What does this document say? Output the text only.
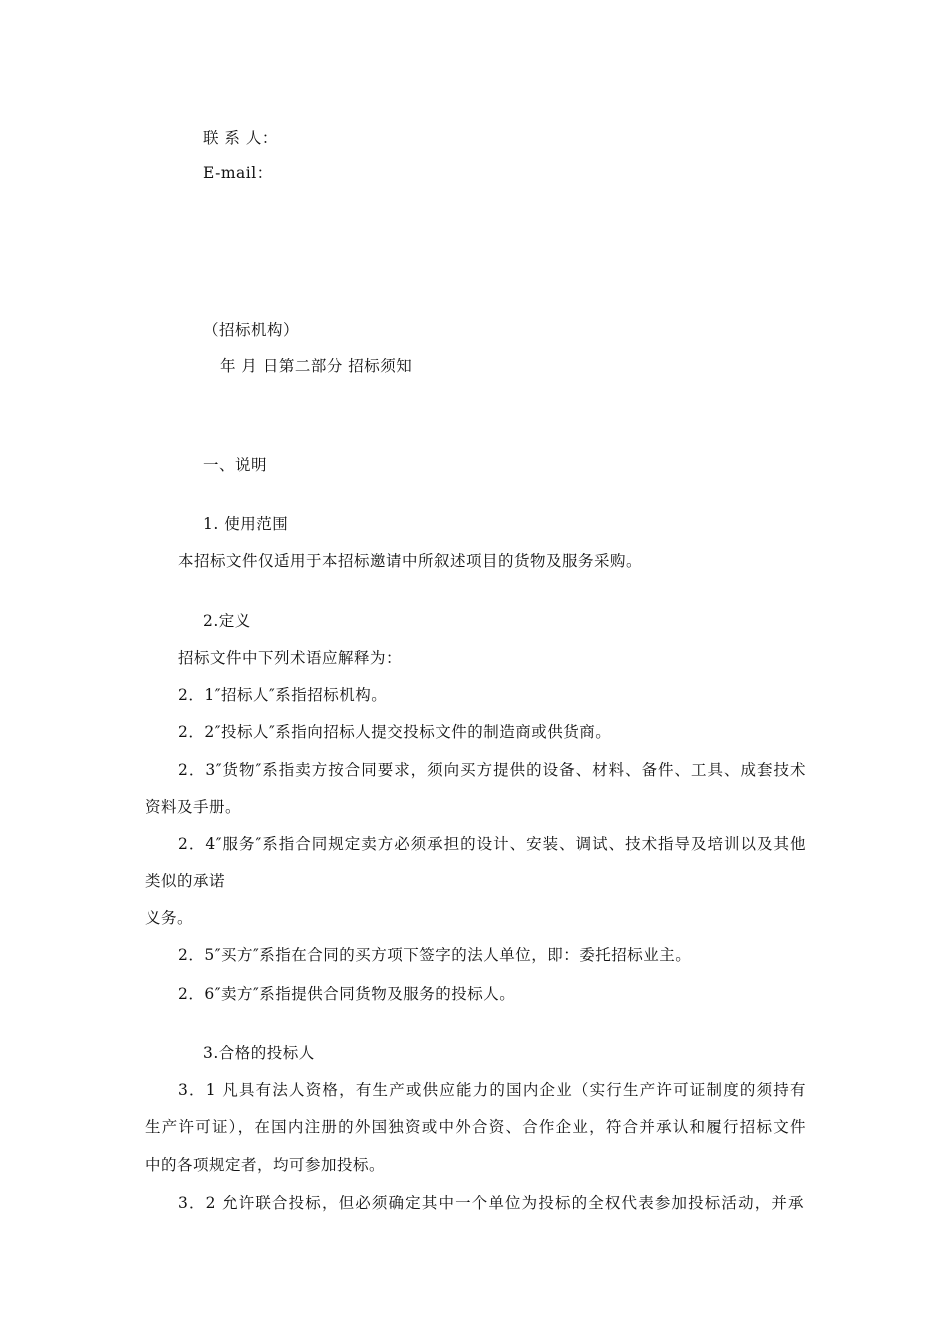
联 系 人：
E-mail：
（招标机构）
年 月 日第二部分 招标须知
一、说明
1. 使用范围
本招标文件仅适用于本招标邀请中所叙述项目的货物及服务采购。
2.定义
招标文件中下列术语应解释为：
2．1″招标人″系指招标机构。
2．2″投标人″系指向招标人提交投标文件的制造商或供货商。
2．3″货物″系指卖方按合同要求，须向买方提供的设备、材料、备件、工具、成套技术
资料及手册。
2．4″服务″系指合同规定卖方必须承担的设计、安装、调试、技术指导及培训以及其他
类似的承诺
义务。
2．5″买方″系指在合同的买方项下签字的法人单位，即：委托招标业主。
2．6″卖方″系指提供合同货物及服务的投标人。
3.合格的投标人
3．1 凡具有法人资格，有生产或供应能力的国内企业（实行生产许可证制度的须持有
生产许可证），在国内注册的外国独资或中外合资、合作企业，符合并承认和履行招标文件
中的各项规定者，均可参加投标。
3．2 允许联合投标，但必须确定其中一个单位为投标的全权代表参加投标活动，并承
